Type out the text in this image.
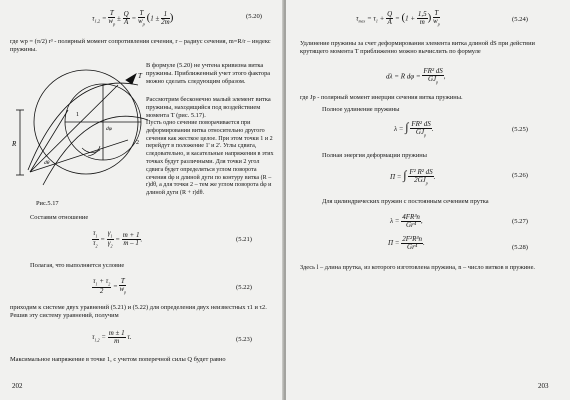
$\tau_{1,2} = \frac{T}{w_p} \pm \frac{Q}{A} = \frac{T}{w_p} (1 \pm \frac{1}{2m}$ )	(5.20)
где wp = (π/2) r³ - полярный момент сопротивления сечения, r – радиус сечения, m=R/r – индекс пружины.
R
1
2
T
dφ
dθ
В формуле (5.20) не учтена кривизна витка пружины. Приближенный учет этого фактора можно сделать следующим образом.
Рассмотрим бесконечно малый элемент витка пружины, находящийся под воздействием момента T (рис. 5.17).
Пусть одно сечение поворачивается при деформировании витка относительно другого сечения как жесткое целое. При этом точки 1 и 2 перейдут в положение 1' и 2'. Углы сдвига, следовательно, и касательные напряжения в этих точках будут различными. Для точки 2 угол сдвига будет определяться углом поворота сечения dφ и длиной дуги по контуру витка (R – r)dθ, а для точки 2 – тем же углом поворота dφ и длиной дуги (R + r)dθ.
Рис.5.17
Составим отношение
$\frac{\tau_1}{\tau_2} = \frac{\gamma_1}{\gamma_2} = \frac{m + 1}{m - 1}$ .	(5.21)
Полагая, что выполняется условие
$\frac{\tau_1 + \tau_2}{2} = \frac{T}{w_p}$	(5.22)
приходим к системе двух уравнений (5.21) и (5.22) для определения двух неизвестных τ1 и τ2. Решив эту систему уравнений, получим
$\tau_{1,2} = \frac{m \pm 1}{m} \tau$.	(5.23)
Максимальное напряжение в точке 1, с учетом поперечной силы Q будет равно
202
$\tau_{max} = \tau_1 + \frac{Q}{A} = (1 + \frac{1,5}{m}$ ) $\frac{T}{w_p}$	(5.24)
Удлинение пружины за счет деформирования элемента витка длиной dS при действии крутящего момента T приближенно можно вычислить по формуле
dλ = R $d\varphi = \frac{\text{FR² dS}}{GJ_p}$ ,
где Jp - полярный момент инерции сечения витка пружины.
Полное удлинение пружины
λ = ∫ $\frac{\text{FR² dS}}{GJ_p}$ .	(5.25)
Полная энергия деформации пружины
Π = ∫ $\frac{\text{F² R² dS}}{2GJ_p}$ .	(5.26)
Для цилиндрических пружин с постоянным сечением прутка
$\lambda = \frac{\text{4FR³n}}{\text{Gr⁴}}$ ,	(5.27)
$\Pi = \frac{\text{2F²R³n}}{\text{Gr⁴}}$ .
(5.28)
Здесь l – длина прутка, из которого изготовлена пружина, n – число витков в пружине.
203
